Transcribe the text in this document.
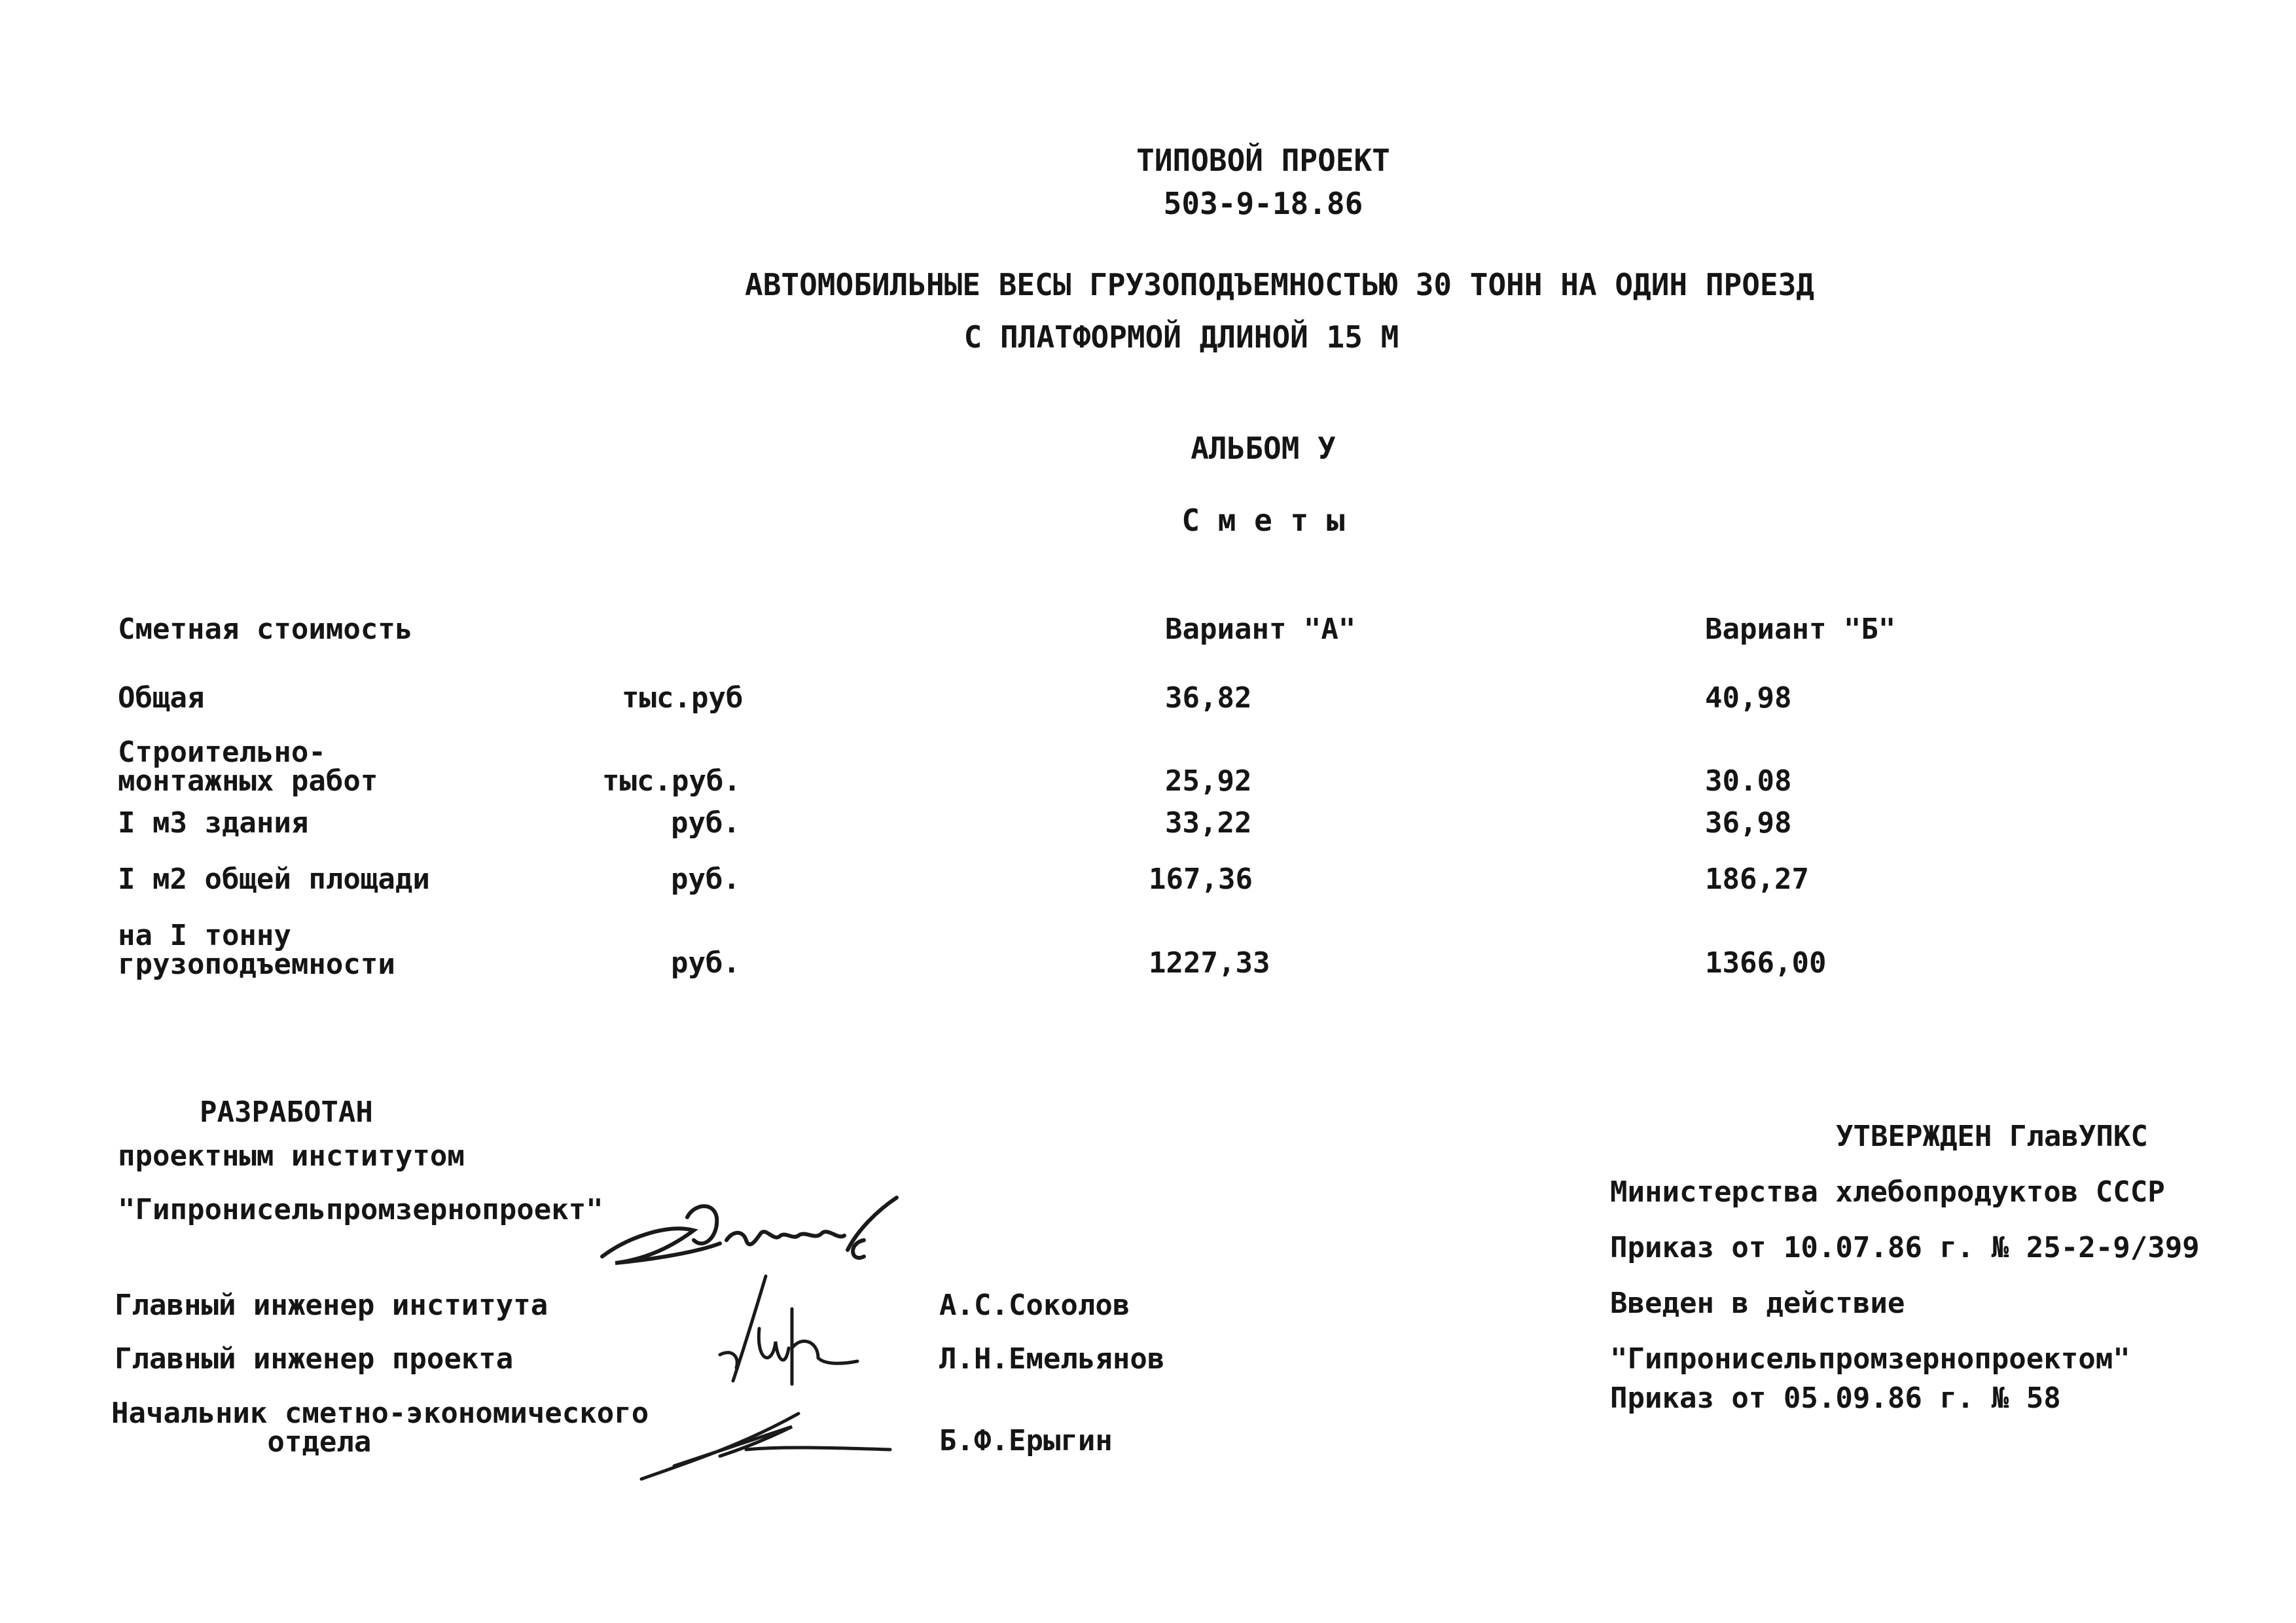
ТИПОВОЙ ПРОЕКТ
503-9-18.86
АВТОМОБИЛЬНЫЕ ВЕСЫ ГРУЗОПОДЪЕМНОСТЬЮ 30 ТОНН НА ОДИН ПРОЕЗД
С ПЛАТФОРМОЙ ДЛИНОЙ 15 М
АЛЬБОМ У
С м е т ы
Сметная стоимость	Вариант "А"	Вариант "Б"
Общая	тыс.руб	36,82	40,98
Строительно-
монтажных работ	тыс.руб.	25,92	30.08
I м3 здания	руб.	33,22	36,98
I м2 общей площади	руб.	167,36	186,27
на I тонну
грузоподъемности	руб.	1227,33	1366,00
РАЗРАБОТАН
проектным институтом
"Гипронисельпромзернопроект"
Главный инженер института	А.С.Соколов
Главный инженер проекта	Л.Н.Емельянов
Начальник сметно-экономического
отдела	Б.Ф.Ерыгин
УТВЕРЖДЕН ГлавУПКС
Министерства хлебопродуктов СССР
Приказ от 10.07.86 г. № 25-2-9/399
Введен в действие
"Гипронисельпромзернопроектом"
Приказ от 05.09.86 г. № 58
